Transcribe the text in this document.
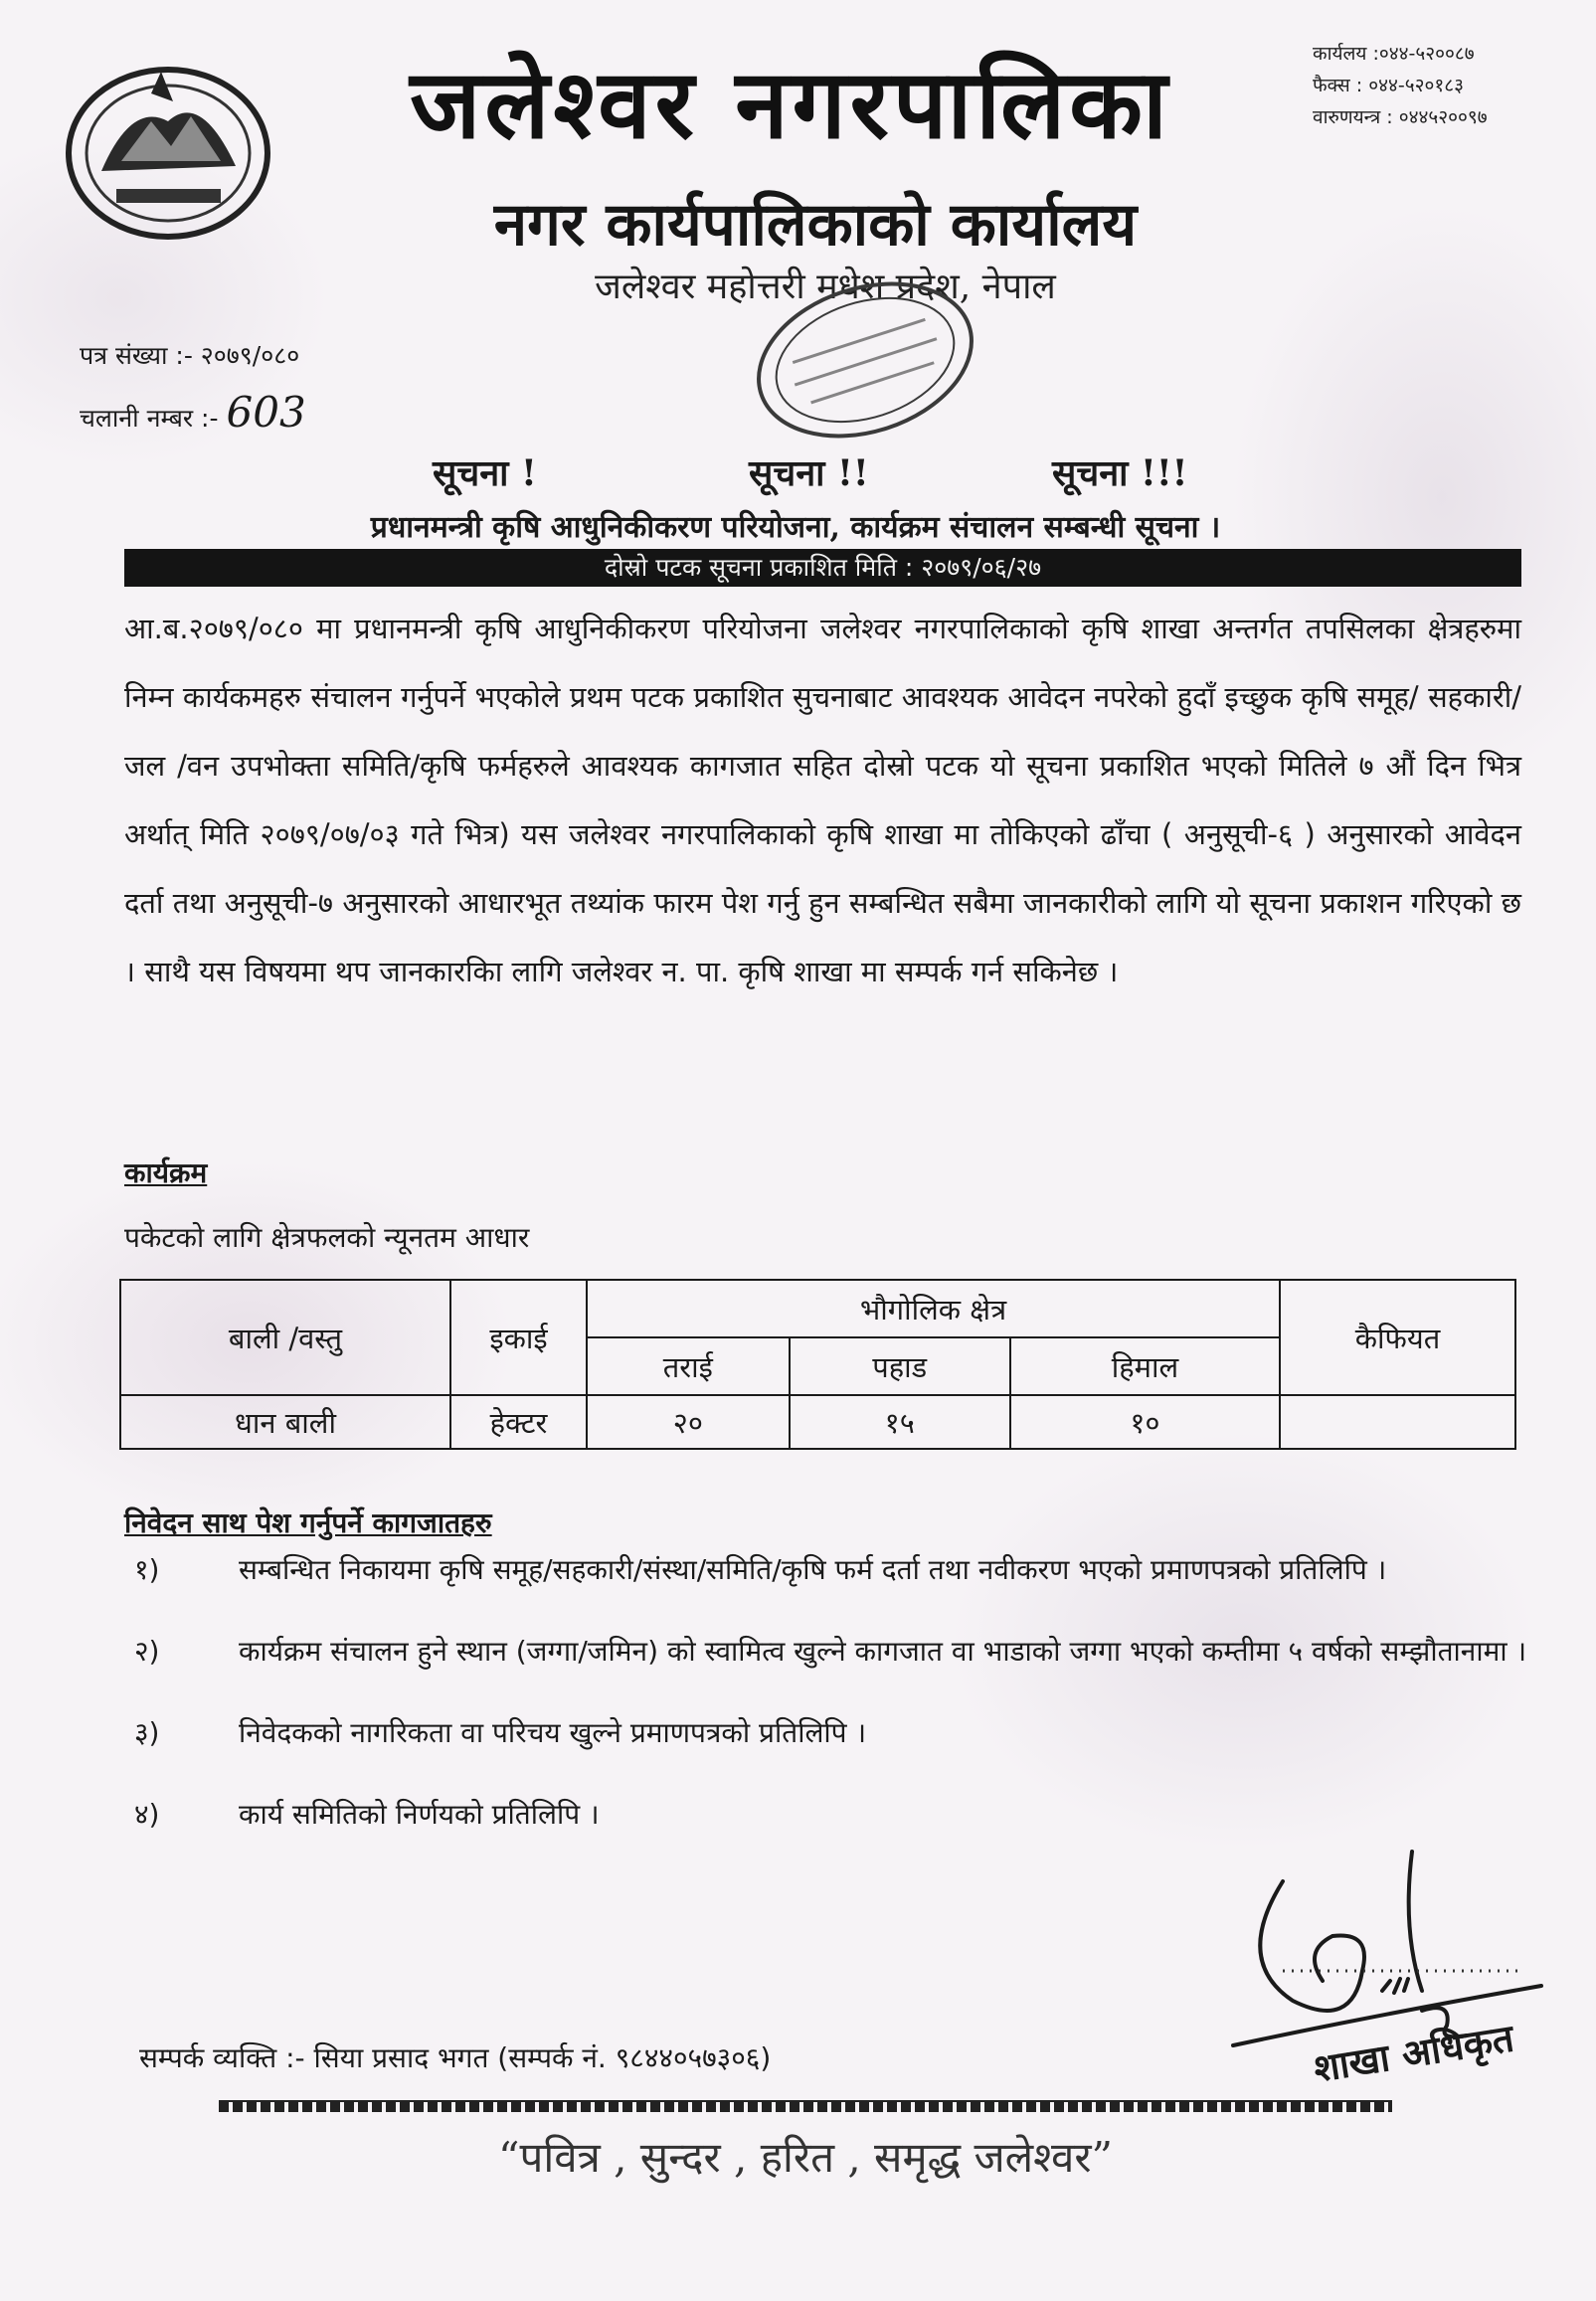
जलेश्वर नगरपालिका
नगर कार्यपालिकाको कार्यालय
जलेश्वर महोत्तरी मधेश प्रदेश, नेपाल
कार्यलय :०४४-५२००८७
फैक्स : ०४४-५२०१८३
वारुणयन्त्र : ०४४५२००९७
पत्र संख्या :- २०७९/०८०
चलानी नम्बर :- 603
सूचना !	सूचना !!	सूचना !!!
प्रधानमन्त्री कृषि आधुनिकीकरण परियोजना, कार्यक्रम संचालन सम्बन्धी सूचना ।
दोस्रो पटक सूचना प्रकाशित मिति : २०७९/०६/२७
आ.ब.२०७९/०८० मा प्रधानमन्त्री कृषि आधुनिकीकरण परियोजना जलेश्वर नगरपालिकाको कृषि शाखा अन्तर्गत तपसिलका क्षेत्रहरुमा निम्न कार्यकमहरु संचालन गर्नुपर्ने भएकोले प्रथम पटक प्रकाशित सुचनाबाट आवश्यक आवेदन नपरेको हुदाँ इच्छुक कृषि समूह/ सहकारी/ जल /वन उपभोक्ता समिति/कृषि फर्महरुले आवश्यक कागजात सहित दोस्रो पटक यो सूचना प्रकाशित भएको मितिले ७ औं दिन भित्र अर्थात् मिति २०७९/०७/०३ गते भित्र) यस जलेश्वर नगरपालिकाको कृषि शाखा मा तोकिएको ढाँचा ( अनुसूची-६ ) अनुसारको आवेदन दर्ता तथा अनुसूची-७ अनुसारको आधारभूत तथ्यांक फारम पेश गर्नु हुन सम्बन्धित सबैमा जानकारीको लागि यो सूचना प्रकाशन गरिएको छ । साथै यस विषयमा थप जानकारकिा लागि जलेश्वर न. पा. कृषि शाखा मा सम्पर्क गर्न सकिनेछ ।
कार्यक्रम
पकेटको लागि क्षेत्रफलको न्यूनतम आधार
बाली /वस्तु	इकाई	भौगोलिक क्षेत्र			कैफियत
		तराई	पहाड	हिमाल	
धान बाली	हेक्टर	२०	१५	१०	
निवेदन साथ पेश गर्नुपर्ने कागजातहरु
१)	सम्बन्धित निकायमा कृषि समूह/सहकारी/संस्था/समिति/कृषि फर्म दर्ता तथा नवीकरण भएको प्रमाणपत्रको प्रतिलिपि ।
२)	कार्यक्रम संचालन हुने स्थान (जग्गा/जमिन) को स्वामित्व खुल्ने कागजात वा भाडाको जग्गा भएको कम्तीमा ५ वर्षको सम्झौतानामा ।
३)	निवेदकको नागरिकता वा परिचय खुल्ने प्रमाणपत्रको प्रतिलिपि ।
४)	कार्य समितिको निर्णयको प्रतिलिपि ।
शाखा अधिकृत
सम्पर्क व्यक्ति :- सिया प्रसाद भगत (सम्पर्क नं. ९८४४०५७३०६)
“पवित्र , सुन्दर , हरित , समृद्ध जलेश्वर”
